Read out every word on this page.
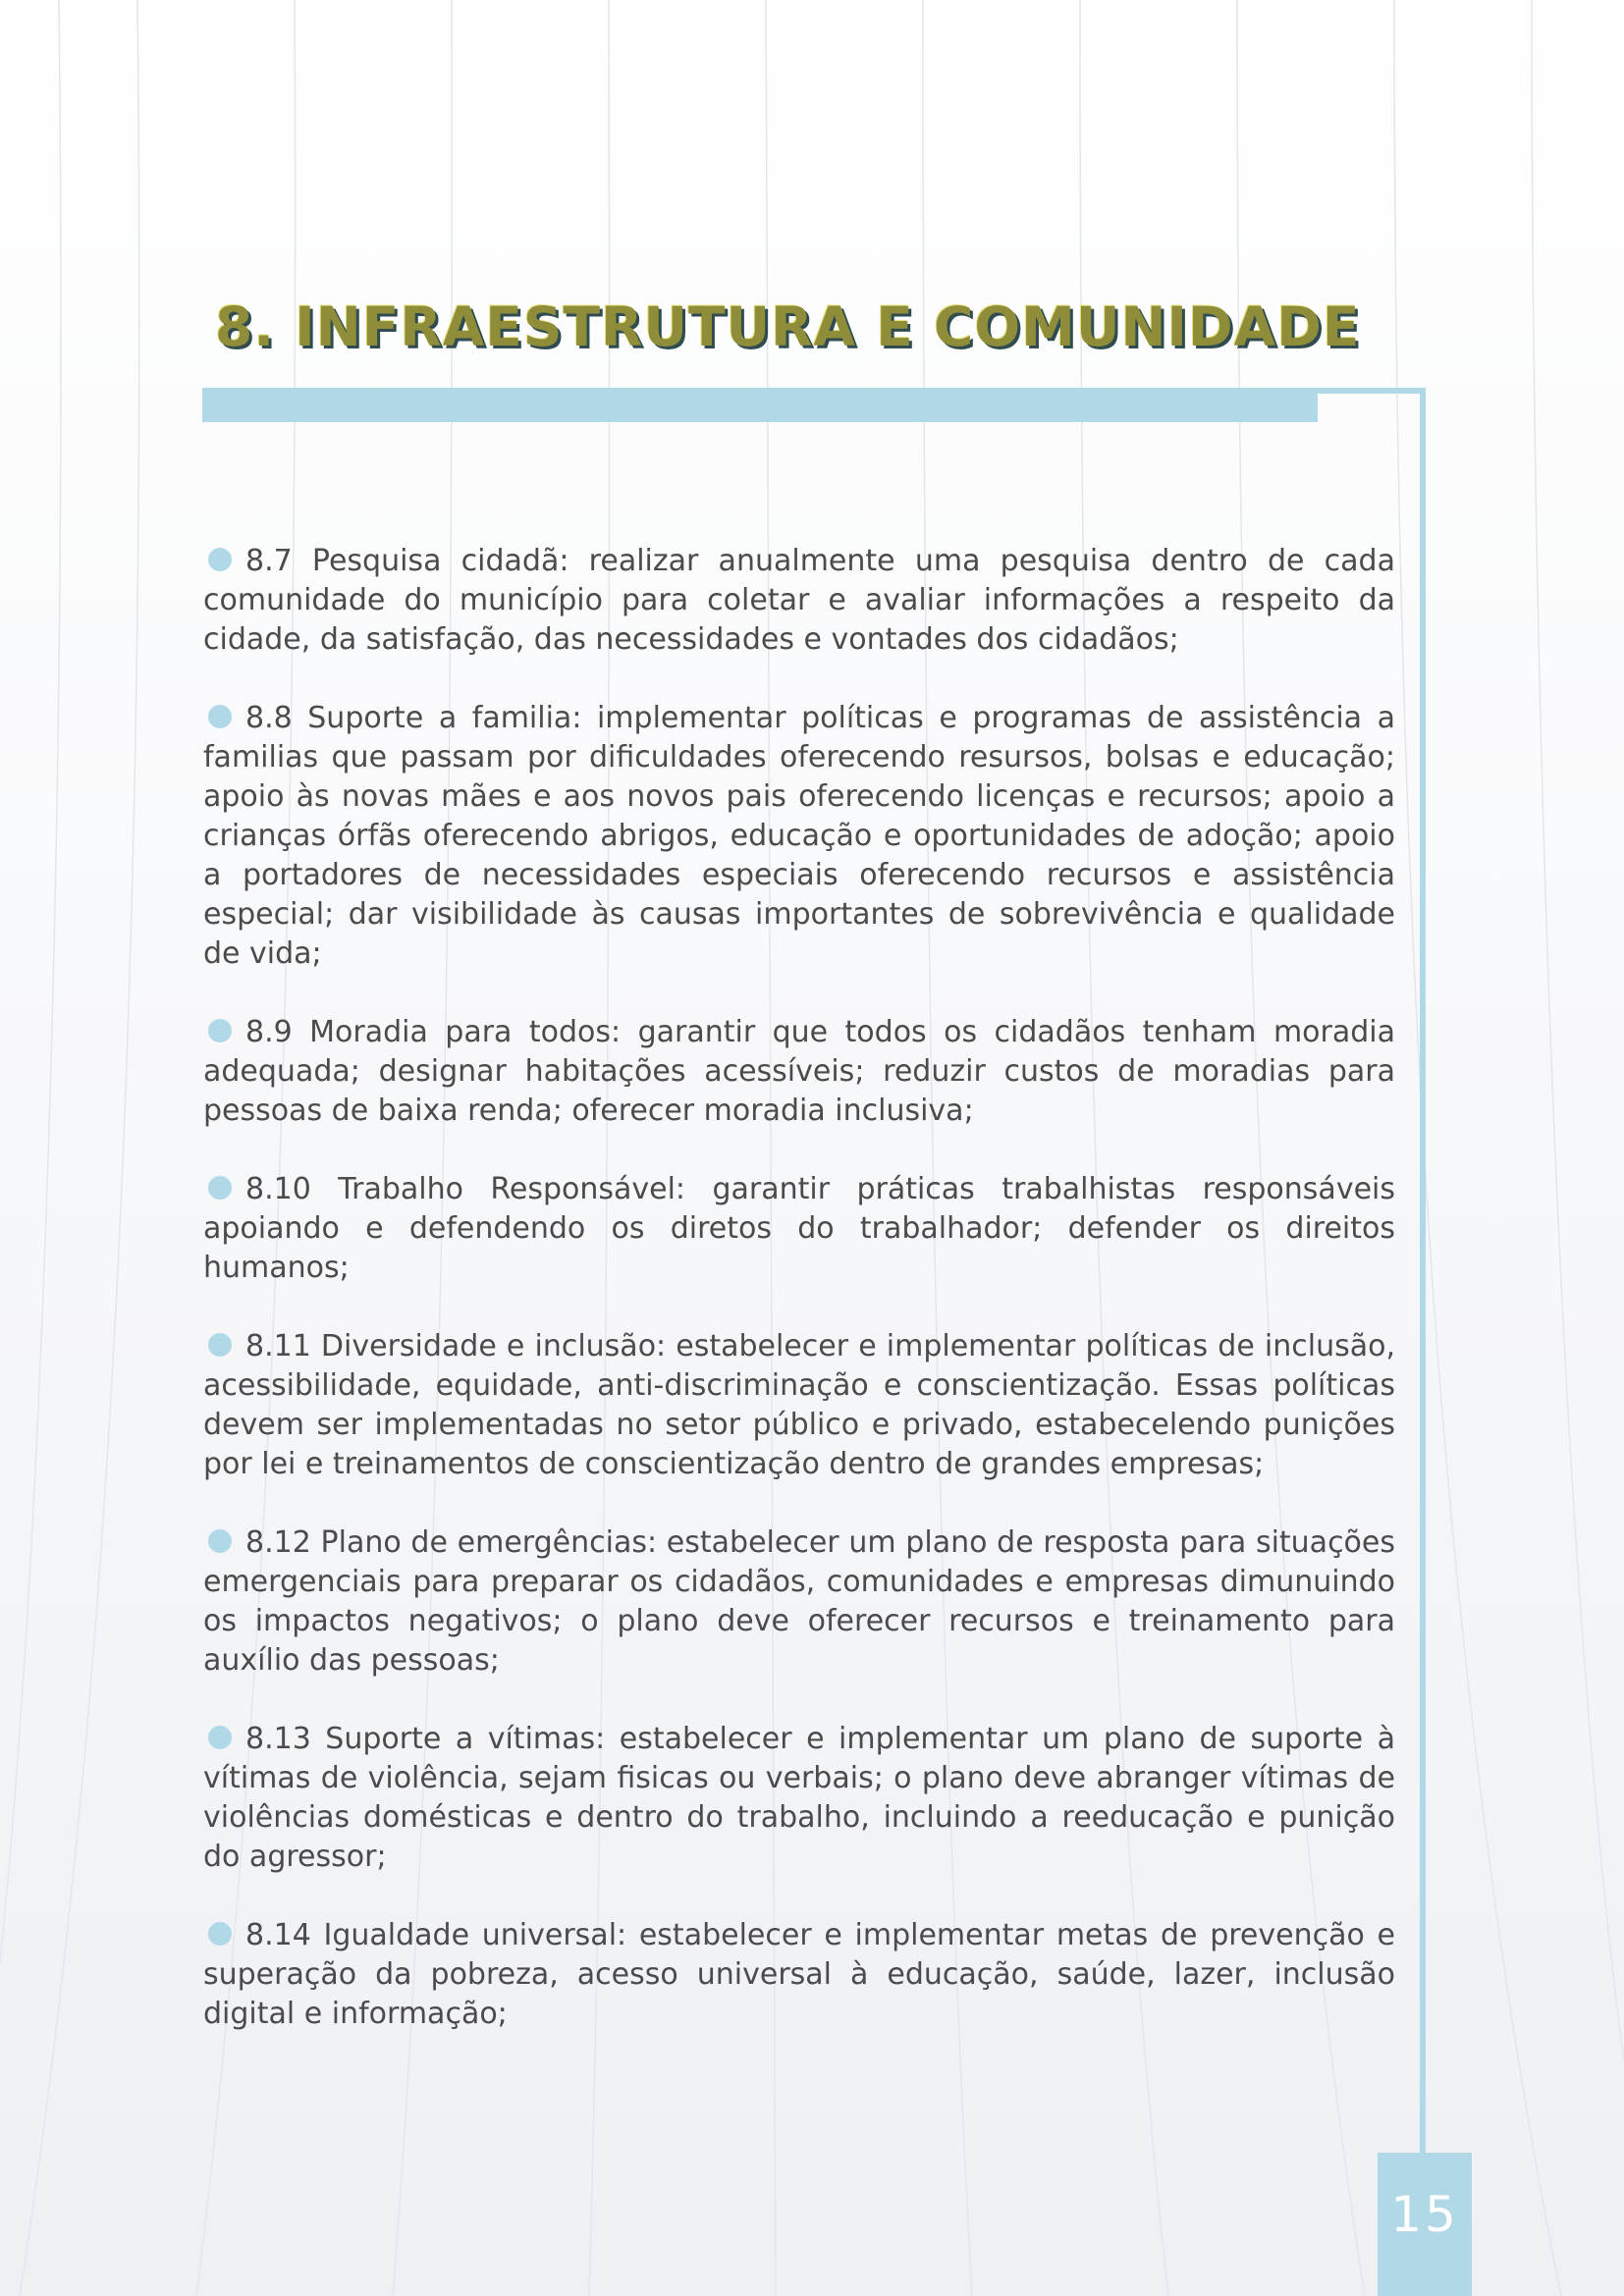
8. INFRAESTRUTURA E COMUNIDADE

8.7 Pesquisa cidadã: realizar anualmente uma pesquisa dentro de cada comunidade do município para coletar e avaliar informações a respeito da cidade, da satisfação, das necessidades e vontades dos cidadãos;

8.8 Suporte a familia: implementar políticas e programas de assistência a familias que passam por dificuldades oferecendo resursos, bolsas e educação; apoio às novas mães e aos novos pais oferecendo licenças e recursos; apoio a crianças órfãs oferecendo abrigos, educação e oportunidades de adoção; apoio a portadores de necessidades especiais oferecendo recursos e assistência especial; dar visibilidade às causas importantes de sobrevivência e qualidade de vida;

8.9 Moradia para todos: garantir que todos os cidadãos tenham moradia adequada; designar habitações acessíveis; reduzir custos de moradias para pessoas de baixa renda; oferecer moradia inclusiva;

8.10 Trabalho Responsável: garantir práticas trabalhistas responsáveis apoiando e defendendo os diretos do trabalhador; defender os direitos humanos;

8.11 Diversidade e inclusão: estabelecer e implementar políticas de inclusão, acessibilidade, equidade, anti-discriminação e conscientização. Essas políticas devem ser implementadas no setor público e privado, estabecelendo punições por lei e treinamentos de conscientização dentro de grandes empresas;

8.12 Plano de emergências: estabelecer um plano de resposta para situações emergenciais para preparar os cidadãos, comunidades e empresas dimunuindo os impactos negativos; o plano deve oferecer recursos e treinamento para auxílio das pessoas;

8.13 Suporte a vítimas: estabelecer e implementar um plano de suporte à vítimas de violência, sejam fisicas ou verbais; o plano deve abranger vítimas de violências domésticas e dentro do trabalho, incluindo a reeducação e punição do agressor;

8.14 Igualdade universal: estabelecer e implementar metas de prevenção e superação da pobreza, acesso universal à educação, saúde, lazer, inclusão digital e informação;

15
